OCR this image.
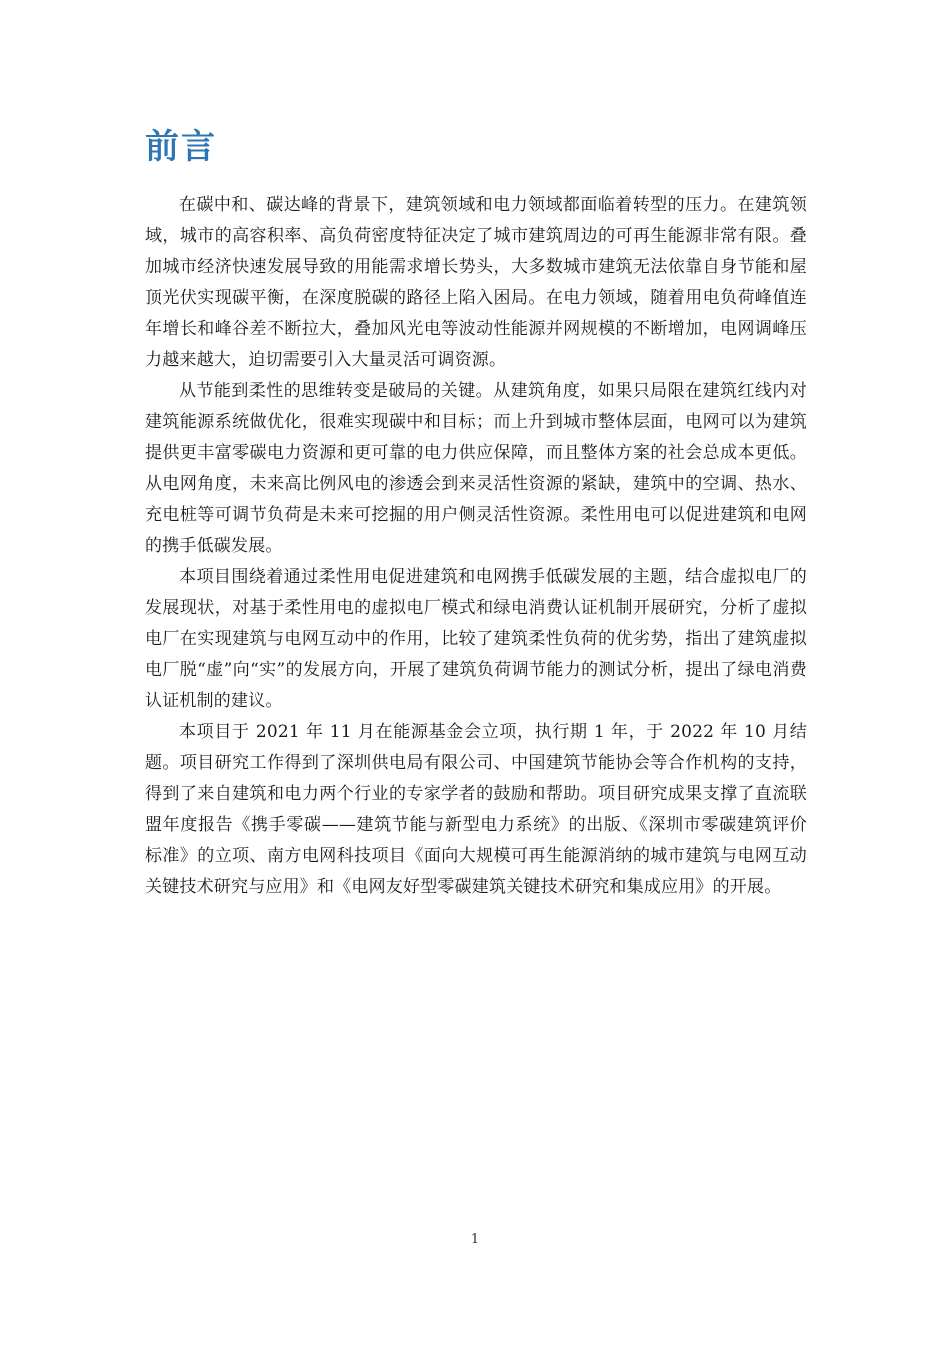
前言

在碳中和、碳达峰的背景下，建筑领域和电力领域都面临着转型的压力。在建筑领域，城市的高容积率、高负荷密度特征决定了城市建筑周边的可再生能源非常有限。叠加城市经济快速发展导致的用能需求增长势头，大多数城市建筑无法依靠自身节能和屋顶光伏实现碳平衡，在深度脱碳的路径上陷入困局。在电力领域，随着用电负荷峰值连年增长和峰谷差不断拉大，叠加风光电等波动性能源并网规模的不断增加，电网调峰压力越来越大，迫切需要引入大量灵活可调资源。

从节能到柔性的思维转变是破局的关键。从建筑角度，如果只局限在建筑红线内对建筑能源系统做优化，很难实现碳中和目标；而上升到城市整体层面，电网可以为建筑提供更丰富零碳电力资源和更可靠的电力供应保障，而且整体方案的社会总成本更低。从电网角度，未来高比例风电的渗透会到来灵活性资源的紧缺，建筑中的空调、热水、充电桩等可调节负荷是未来可挖掘的用户侧灵活性资源。柔性用电可以促进建筑和电网的携手低碳发展。

本项目围绕着通过柔性用电促进建筑和电网携手低碳发展的主题，结合虚拟电厂的发展现状，对基于柔性用电的虚拟电厂模式和绿电消费认证机制开展研究，分析了虚拟电厂在实现建筑与电网互动中的作用，比较了建筑柔性负荷的优劣势，指出了建筑虚拟电厂脱“虚”向“实”的发展方向，开展了建筑负荷调节能力的测试分析，提出了绿电消费认证机制的建议。

本项目于 2021 年 11 月在能源基金会立项，执行期 1 年，于 2022 年 10 月结题。项目研究工作得到了深圳供电局有限公司、中国建筑节能协会等合作机构的支持，得到了来自建筑和电力两个行业的专家学者的鼓励和帮助。项目研究成果支撑了直流联盟年度报告《携手零碳——建筑节能与新型电力系统》的出版、《深圳市零碳建筑评价标准》的立项、南方电网科技项目《面向大规模可再生能源消纳的城市建筑与电网互动关键技术研究与应用》和《电网友好型零碳建筑关键技术研究和集成应用》的开展。

1
